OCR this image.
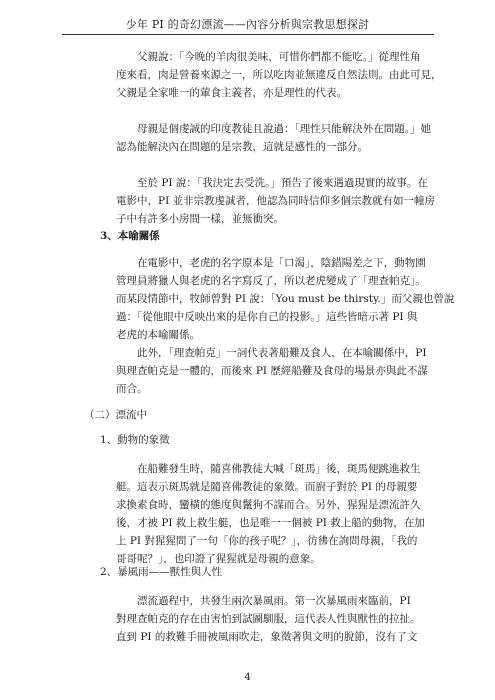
少年 PI 的奇幻漂流——內容分析與宗教思想探討
父親說：「今晚的羊肉很美味，可惜你們都不能吃。」從理性角
度來看，肉是營養來源之一，所以吃肉並無違反自然法則。由此可見，
父親是全家唯一的葷食主義者，亦是理性的代表。
母親是個虔誠的印度教徒且說過：「理性只能解決外在問題。」她
認為能解決內在問題的是宗教，這就是感性的一部分。
至於 PI 說：「我決定去受洗。」預告了後來遇過現實的故事。在
電影中，PI 並非宗教虔誠者，他認為同時信仰多個宗教就有如一幢房
子中有許多小房間一樣，並無衝突。
3、本喻關係
在電影中，老虎的名字原本是「口渴」，陰錯陽差之下，動物園
管理員將獵人與老虎的名字寫反了，所以老虎變成了「理查帕克」。
而某段情節中，牧師曾對 PI 說：「You must be thirsty.」而父親也曾說
過：「從他眼中反映出來的是你自己的投影。」這些皆暗示著 PI 與
老虎的本喻關係。
此外，「理查帕克」一詞代表著船難及食人，在本喻關係中，PI
與理查帕克是一體的，而後來 PI 歷經船難及食母的場景亦與此不謀
而合。
（二）漂流中
1、動物的象徵
在船難發生時，隨喜佛教徒大喊「斑馬」後，斑馬便跳進救生
艇。這表示斑馬就是隨喜佛教徒的象徵。而廚子對於 PI 的母親要
求換素食時，蠻橫的態度與鬣狗不謀而合。另外，猩猩是漂流許久
後，才被 PI 救上救生艇，也是唯一一個被 PI 救上船的動物，在加
上 PI 對猩猩問了一句「你的孩子呢？」，彷彿在詢問母親，「我的
哥哥呢？」，也印證了猩猩就是母親的意象。
2、暴風雨——獸性與人性
漂流過程中，共發生兩次暴風雨。第一次暴風雨來臨前，PI
對理查帕克的存在由害怕到試圖馴服，這代表人性與獸性的拉扯。
直到 PI 的救難手冊被風雨吹走，象徵著與文明的脫節，沒有了文
4
